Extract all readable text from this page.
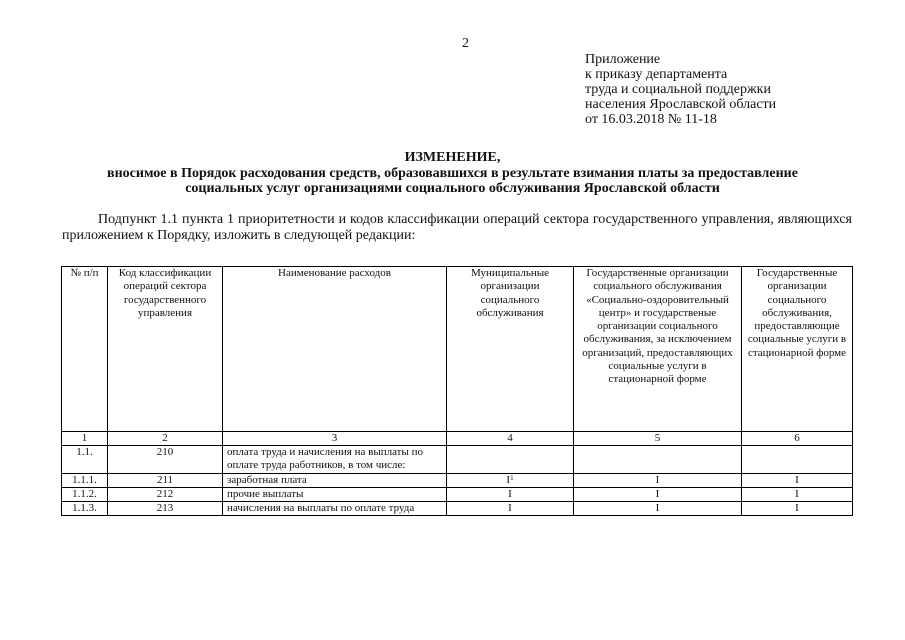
2
Приложение
к приказу департамента
труда и социальной поддержки
населения Ярославской области
от 16.03.2018 № 11-18
ИЗМЕНЕНИЕ,
вносимое в Порядок расходования средств, образовавшихся в результате взимания платы за предоставление
социальных услуг организациями социального обслуживания Ярославской области
Подпункт 1.1 пункта 1 приоритетности и кодов классификации операций сектора государственного управления, являющихся приложением к Порядку, изложить в следующей редакции:
№ п/п	Код классификации операций сектора государственного управления	Наименование расходов	Муниципальные организации социального обслуживания	Государственные организации социального обслуживания «Социально-оздоровительный центр» и государственые организации социального обслуживания, за исключением организаций, предоставляющих социальные услуги в стационарной форме	Государственные организации социального обслуживания, предоставляющие социальные услуги в стационарной форме
1	2	3	4	5	6
1.1.	210	оплата труда и начисления на выплаты по оплате труда работников, в том числе:			
1.1.1.	211	заработная плата	I$^1$	I	I
1.1.2.	212	прочие выплаты	I	I	I
1.1.3.	213	начисления на выплаты по оплате труда	I	I	I
